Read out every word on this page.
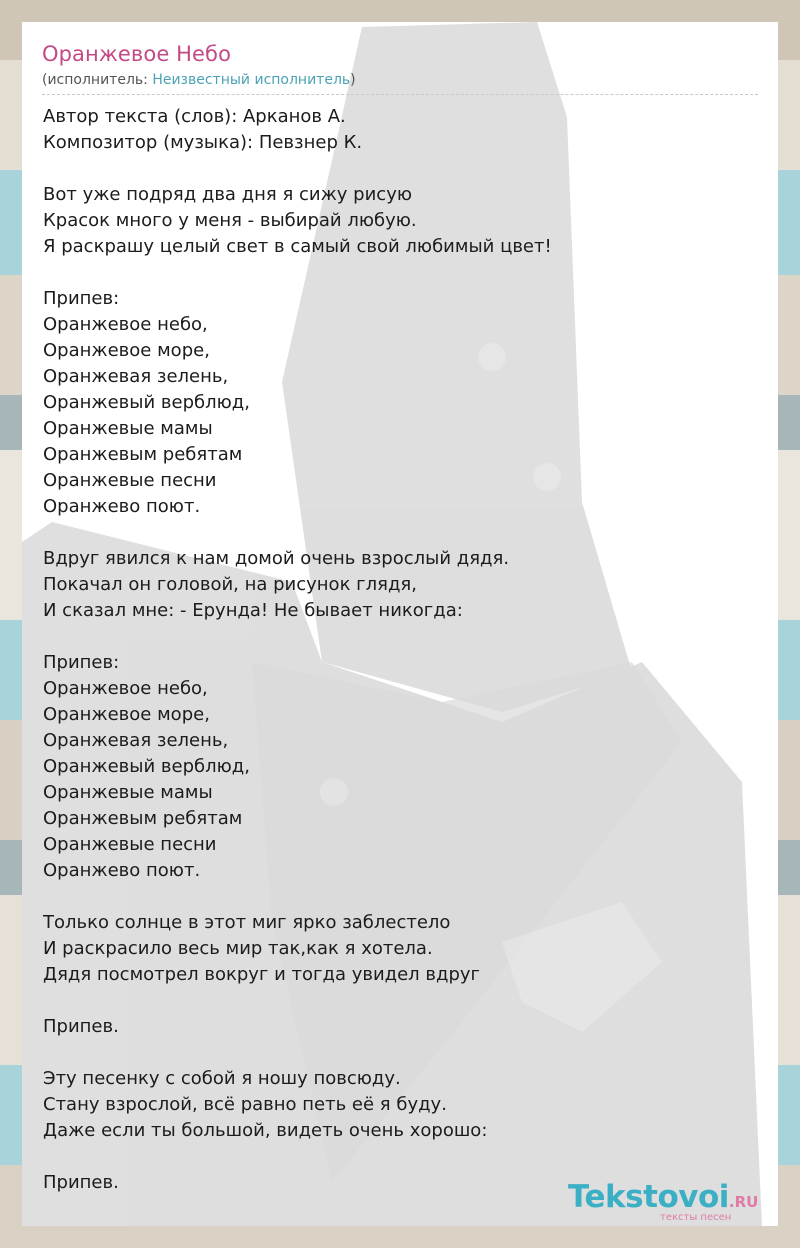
Оранжевое Небо
(исполнитель: Неизвестный исполнитель)
Автор текста (слов): Арканов А.
Композитор (музыка): Певзнер К.
Вот уже подряд два дня я сижу рисую
Красок много у меня - выбирай любую.
Я раскрашу целый свет в самый свой любимый цвет!
Припев:
Оранжевое небо,
Оранжевое море,
Оранжевая зелень,
Оранжевый верблюд,
Оранжевые мамы
Оранжевым ребятам
Оранжевые песни
Оранжево поют.
Вдруг явился к нам домой очень взрослый дядя.
Покачал он головой, на рисунок глядя,
И сказал мне: - Ерунда! Не бывает никогда:
Припев:
Оранжевое небо,
Оранжевое море,
Оранжевая зелень,
Оранжевый верблюд,
Оранжевые мамы
Оранжевым ребятам
Оранжевые песни
Оранжево поют.
Только солнце в этот миг ярко заблестело
И раскрасило весь мир так,как я хотела.
Дядя посмотрел вокруг и тогда увидел вдруг
Припев.
Эту песенку с собой я ношу повсюду.
Стану взрослой, всё равно петь её я буду.
Даже если ты большой, видеть очень хорошо:
Припев.	Tekstovoi.RU
тексты песен
